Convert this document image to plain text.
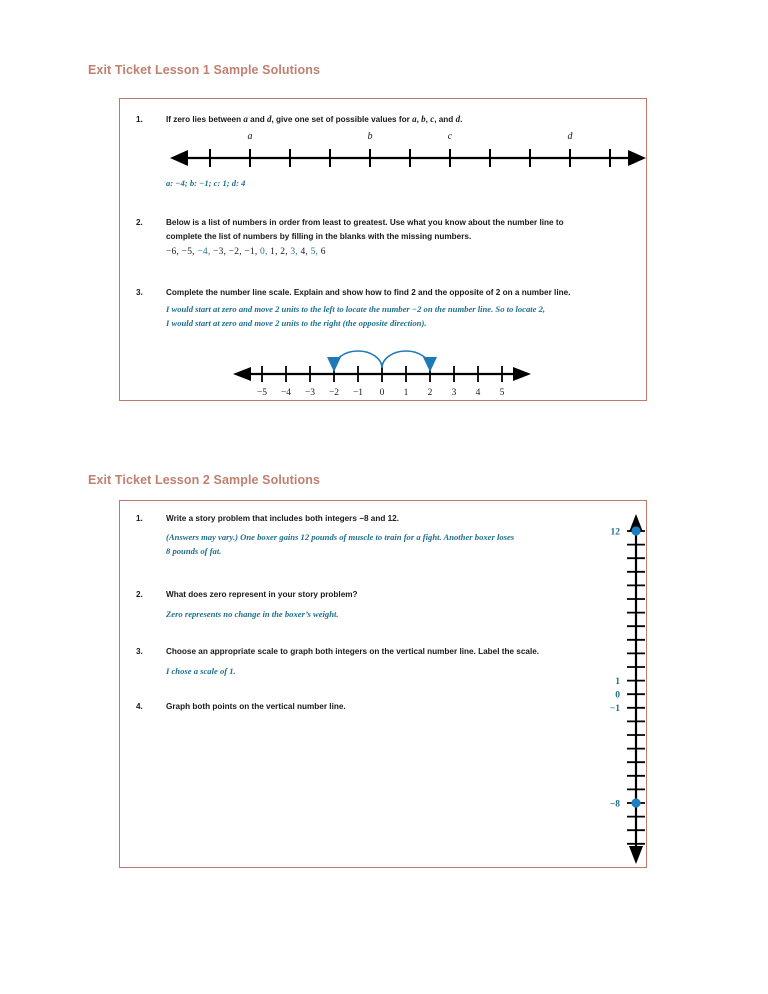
Exit Ticket Lesson 1 Sample Solutions
1.	If zero lies between a and d, give one set of possible values for a, b, c, and d.
a	b	c	d
a: −4; b: −1; c: 1; d: 4
2.	Below is a list of numbers in order from least to greatest. Use what you know about the number line to
complete the list of numbers by filling in the blanks with the missing numbers.
−6, −5, −4, −3, −2, −1, 0, 1, 2, 3, 4, 5, 6
3.	Complete the number line scale. Explain and show how to find 2 and the opposite of 2 on a number line.
I would start at zero and move 2 units to the left to locate the number −2 on the number line. So to locate 2,
I would start at zero and move 2 units to the right (the opposite direction).
−5 −4 −3 −2 −1 0 1 2 3 4 5
Exit Ticket Lesson 2 Sample Solutions
1.	Write a story problem that includes both integers −8 and 12.
(Answers may vary.) One boxer gains 12 pounds of muscle to train for a fight. Another boxer loses
8 pounds of fat.
2.	What does zero represent in your story problem?
Zero represents no change in the boxer’s weight.
3.	Choose an appropriate scale to graph both integers on the vertical number line. Label the scale.
I chose a scale of 1.
4.	Graph both points on the vertical number line.
12
1
0
−1
−8
